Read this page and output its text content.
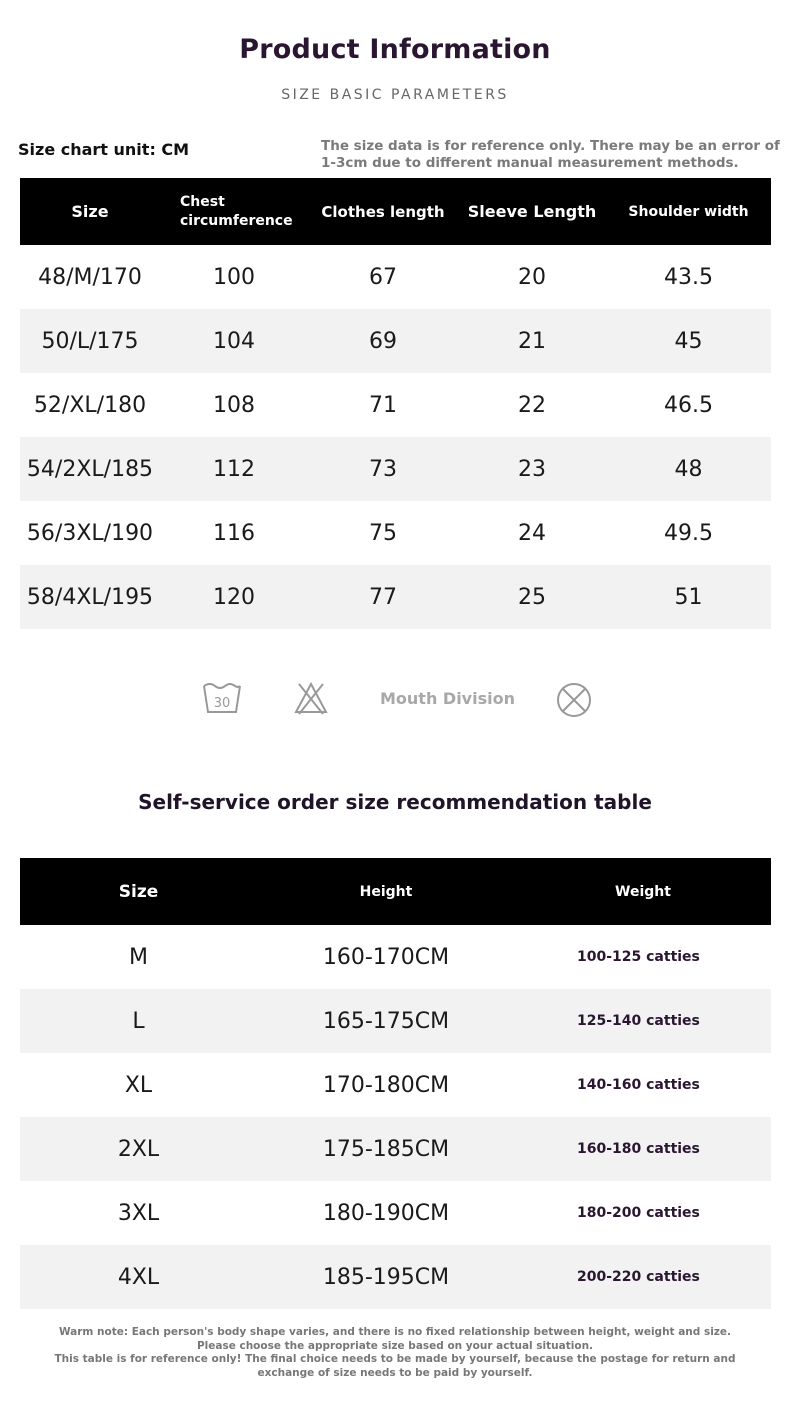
Product Information
SIZE BASIC PARAMETERS
Size chart unit: CM	The size data is for reference only. There may be an error of 1-3cm due to different manual measurement methods.
Size	Chest circumference	Clothes length	Sleeve Length	Shoulder width
48/M/170	100	67	20	43.5
50/L/175	104	69	21	45
52/XL/180	108	71	22	46.5
54/2XL/185	112	73	23	48
56/3XL/190	116	75	24	49.5
58/4XL/195	120	77	25	51
30	Mouth Division
Self-service order size recommendation table
Size	Height	Weight
M	160-170CM	100-125 catties
L	165-175CM	125-140 catties
XL	170-180CM	140-160 catties
2XL	175-185CM	160-180 catties
3XL	180-190CM	180-200 catties
4XL	185-195CM	200-220 catties
Warm note: Each person's body shape varies, and there is no fixed relationship between height, weight and size. Please choose the appropriate size based on your actual situation.
This table is for reference only! The final choice needs to be made by yourself, because the postage for return and exchange of size needs to be paid by yourself.
